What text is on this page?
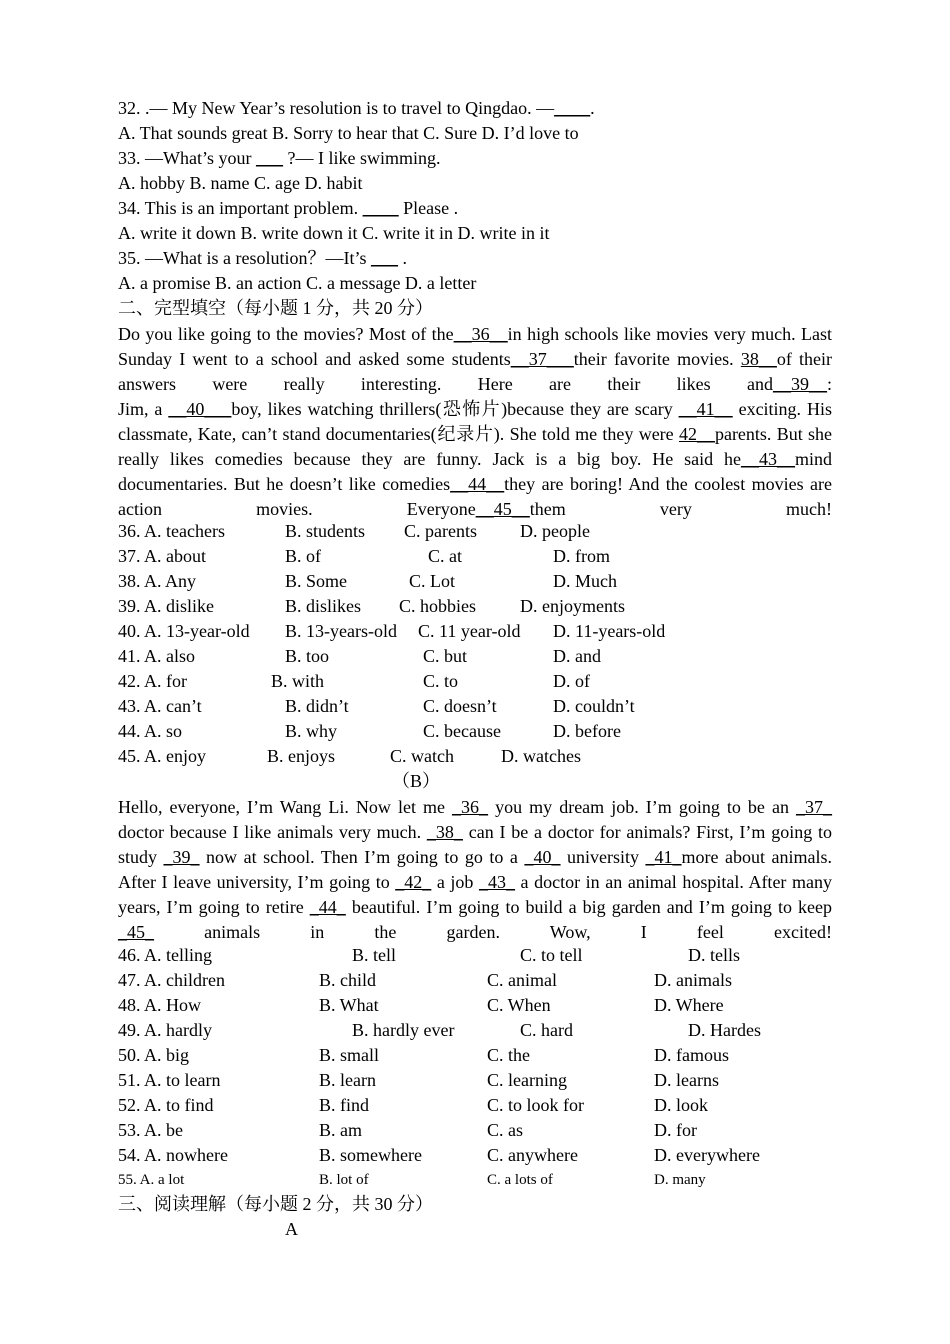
32. .— My New Year’s resolution is to travel to Qingdao. —____.
A. That sounds great B. Sorry to hear that C. Sure D. I’d love to
33. —What’s your ___ ?— I like swimming.
A. hobby B. name C. age D. habit
34. This is an important problem. ____ Please .
A. write it down B. write down it C. write it in D. write in it
35. —What is a resolution？—It’s ___ .
A. a promise B. an action C. a message D. a letter
二、完型填空（每小题 1 分，共 20 分）
Do you like going to the movies? Most of the__36__in high schools like movies very much. Last Sunday I went to a school and asked some students__37___their favorite movies. 38__of their answers were really interesting. Here are their likes and__39__:
Jim, a __40___boy, likes watching thrillers(恐怖片)because they are scary __41__ exciting. His classmate, Kate, can’t stand documentaries(纪录片). She told me they were 42__parents. But she really likes comedies because they are funny. Jack is a big boy. He said he__43__mind documentaries. But he doesn’t like comedies__44__they are boring! And the coolest movies are action movies. Everyone__45__them very much!
36. A. teachers	B. students C. parents D. people
37. A. about	B. of	C. at	D. from
38. A. Any	B. Some	C. Lot	D. Much
39. A. dislike	B. dislikes C. hobbies D. enjoyments
40. A. 13-year-old B. 13-years-old C. 11 year-old D. 11-years-old
41. A. also	B. too	C. but	D. and
42. A. for	B. with	C. to	D. of
43. A. can’t	B. didn’t	C. doesn’t	D. couldn’t
44. A. so	B. why	C. because	D. before
45. A. enjoy	B. enjoys	C. watch	D. watches
（B）
Hello, everyone, I’m Wang Li. Now let me _36_ you my dream job. I’m going to be an _37_ doctor because I like animals very much. _38_ can I be a doctor for animals? First, I’m going to study _39_ now at school. Then I’m going to go to a _40_ university _41_more about animals. After I leave university, I’m going to _42_ a job _43_ a doctor in an animal hospital. After many years, I’m going to retire _44_ beautiful. I’m going to build a big garden and I’m going to keep _45_ animals in the garden. Wow, I feel excited!
46. A. telling	B. tell	C. to tell	D. tells
47. A. children	B. child	C. animal	D. animals
48. A. How	B. What	C. When	D. Where
49. A. hardly	B. hardly ever	C. hard	D. Hardes
50. A. big	B. small	C. the	D. famous
51. A. to learn	B. learn	C. learning	D. learns
52. A. to find	B. find	C. to look for	D. look
53. A. be	B. am	C. as	D. for
54. A. nowhere	B. somewhere	C. anywhere	D. everywhere
55. A. a lot	B. lot of	C. a lots of	D. many
三、阅读理解（每小题 2 分，共 30 分）
A
